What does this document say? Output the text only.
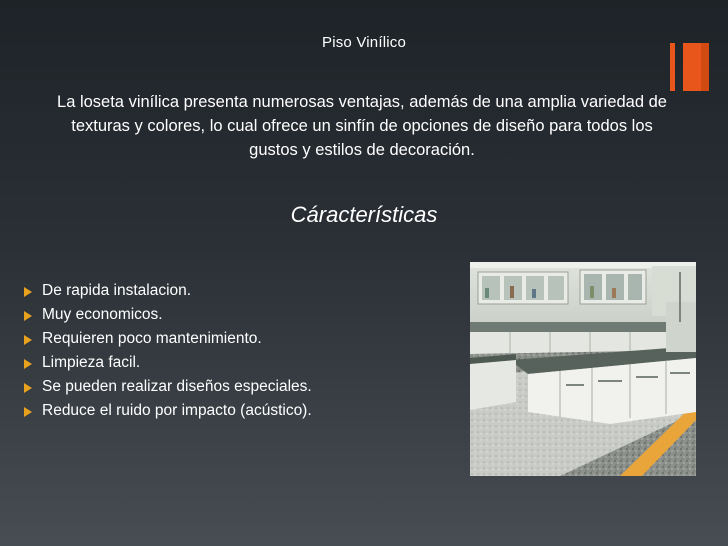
Piso Vinílico
La loseta vinílica presenta numerosas ventajas, además de una amplia variedad de texturas y colores, lo cual ofrece un sinfín de opciones de diseño para todos los gustos y estilos de decoración.
Cáracterísticas
De rapida instalacion.
Muy economicos.
Requieren poco mantenimiento.
Limpieza facil.
Se pueden realizar diseños especiales.
Reduce el ruido por impacto (acústico).
